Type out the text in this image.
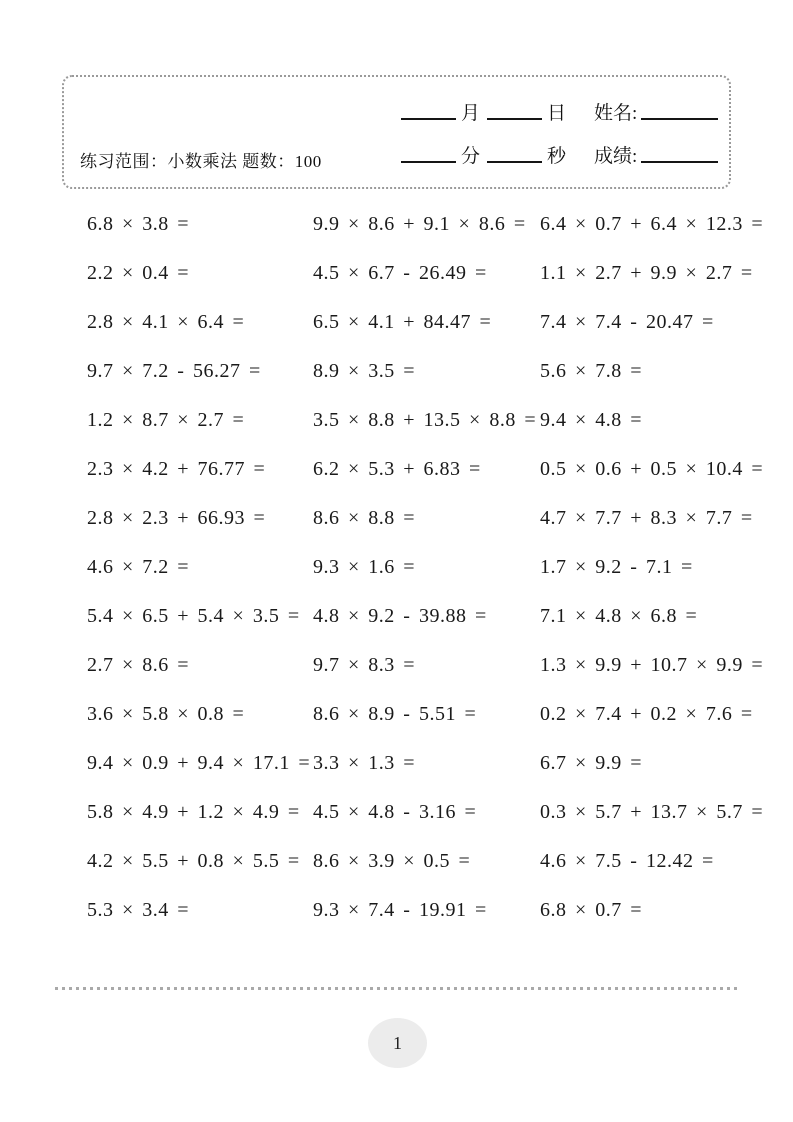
练习范围：小数乘法 题数：100
月	日 姓名:
分	秒 成绩:
6.8 × 3.8 =
2.2 × 0.4 =
2.8 × 4.1 × 6.4 =
9.7 × 7.2 - 56.27 =
1.2 × 8.7 × 2.7 =
2.3 × 4.2 + 76.77 =
2.8 × 2.3 + 66.93 =
4.6 × 7.2 =
5.4 × 6.5 + 5.4 × 3.5 =
2.7 × 8.6 =
3.6 × 5.8 × 0.8 =
9.4 × 0.9 + 9.4 × 17.1 =
5.8 × 4.9 + 1.2 × 4.9 =
4.2 × 5.5 + 0.8 × 5.5 =
5.3 × 3.4 =
9.9 × 8.6 + 9.1 × 8.6 =
4.5 × 6.7 - 26.49 =
6.5 × 4.1 + 84.47 =
8.9 × 3.5 =
3.5 × 8.8 + 13.5 × 8.8 =
6.2 × 5.3 + 6.83 =
8.6 × 8.8 =
9.3 × 1.6 =
4.8 × 9.2 - 39.88 =
9.7 × 8.3 =
8.6 × 8.9 - 5.51 =
3.3 × 1.3 =
4.5 × 4.8 - 3.16 =
8.6 × 3.9 × 0.5 =
9.3 × 7.4 - 19.91 =
6.4 × 0.7 + 6.4 × 12.3 =
1.1 × 2.7 + 9.9 × 2.7 =
7.4 × 7.4 - 20.47 =
5.6 × 7.8 =
9.4 × 4.8 =
0.5 × 0.6 + 0.5 × 10.4 =
4.7 × 7.7 + 8.3 × 7.7 =
1.7 × 9.2 - 7.1 =
7.1 × 4.8 × 6.8 =
1.3 × 9.9 + 10.7 × 9.9 =
0.2 × 7.4 + 0.2 × 7.6 =
6.7 × 9.9 =
0.3 × 5.7 + 13.7 × 5.7 =
4.6 × 7.5 - 12.42 =
6.8 × 0.7 =
1
